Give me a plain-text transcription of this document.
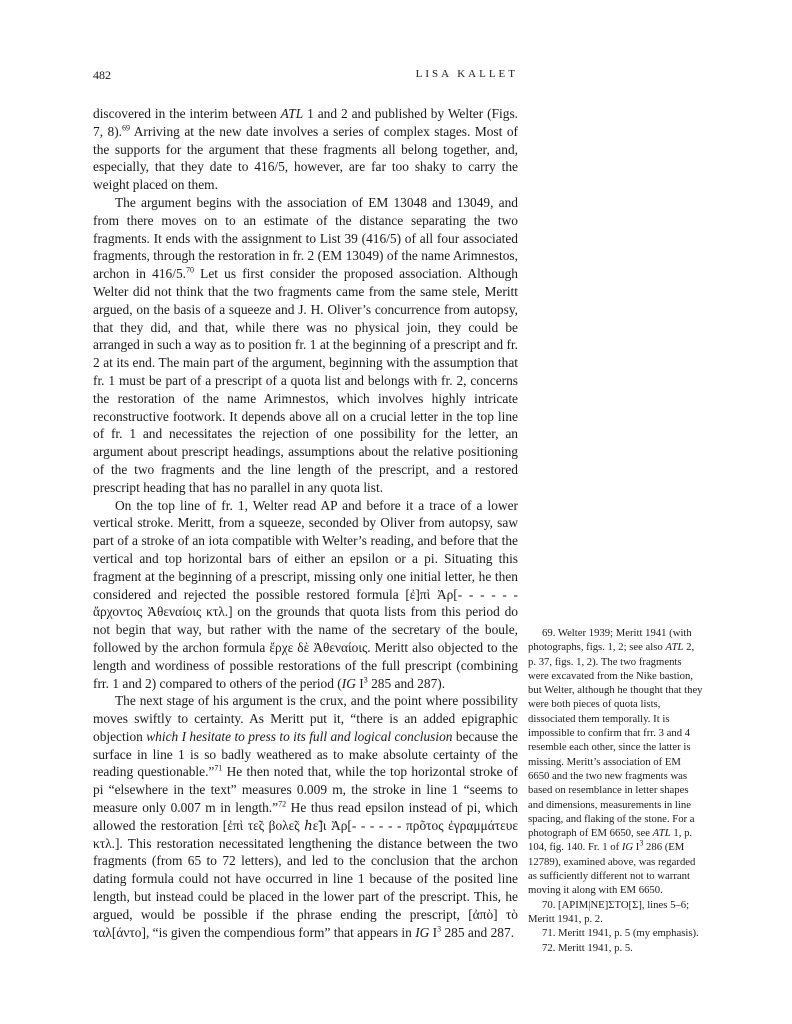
482	LISA KALLET

discovered in the interim between ATL 1 and 2 and published by Welter (Figs. 7, 8).$^{69}$ Arriving at the new date involves a series of complex stages. Most of the supports for the argument that these fragments all belong together, and, especially, that they date to 416/5, however, are far too shaky to carry the weight placed on them.

The argument begins with the association of EM 13048 and 13049, and from there moves on to an estimate of the distance separating the two fragments. It ends with the assignment to List 39 (416/5) of all four associated fragments, through the restoration in fr. 2 (EM 13049) of the name Arimnestos, archon in 416/5.70 Let us first consider the proposed association. Although Welter did not think that the two fragments came from the same stele, Meritt argued, on the basis of a squeeze and J. H. Oliver’s concurrence from autopsy, that they did, and that, while there was no physical join, they could be arranged in such a way as to position fr. 1 at the beginning of a prescript and fr. 2 at its end. The main part of the argument, beginning with the assumption that fr. 1 must be part of a prescript of a quota list and belongs with fr. 2, concerns the restoration of the name Arimnestos, which involves highly intricate reconstructive footwork. It depends above all on a crucial letter in the top line of fr. 1 and necessitates the rejection of one possibility for the letter, an argument about prescript headings, assumptions about the relative positioning of the two fragments and the line length of the prescript, and a restored prescript heading that has no parallel in any quota list.

On the top line of fr. 1, Welter read AP and before it a trace of a lower vertical stroke. Meritt, from a squeeze, seconded by Oliver from autopsy, saw part of a stroke of an iota compatible with Welter’s reading, and before that the vertical and top horizontal bars of either an epsilon or a pi. Situating this fragment at the beginning of a prescript, missing only one initial letter, he then considered and rejected the possible restored formula [ἐ]πὶ Ἀρ[- - - - - - ἄρχοντος Ἀθεναίοις κτλ.] on the grounds that quota lists from this period do not begin that way, but rather with the name of the secretary of the boule, followed by the archon formula ἔρχε δὲ Ἀθεναίοις. Meritt also objected to the length and wordiness of possible restorations of the full prescript (combining frr. 1 and 2) compared to others of the period (IG $I^3$ 285 and 287).

The next stage of his argument is the crux, and the point where possibility moves swiftly to certainty. As Meritt put it, “there is an added epigraphic objection which I hesitate to press to its full and logical conclusion because the surface in line 1 is so badly weathered as to make absolute certainty of the reading questionable.”$^{71}$ He then noted that, while the top horizontal stroke of pi “elsewhere in the text” measures 0.009 m, the stroke in line 1 “seems to measure only 0.007 m in length.”$^{72}$ He thus read epsilon instead of pi, which allowed the restoration [ἐπὶ τε̃ς βολε̃ς ℎε̃]ι Ἀρ[- - - - - - πρõτος ἐγραμμάτευε κτλ.]. This restoration necessitated lengthening the distance between the two fragments (from 65 to 72 letters), and led to the conclusion that the archon dating formula could not have occurred in line 1 because of the posited line length, but instead could be placed in the lower part of the prescript. This, he argued, would be possible if the phrase ending the prescript, [ἀπὸ] τὸ ταλ[άντο], “is given the compendious form” that appears in IG $I^3$ 285 and 287.

69. Welter 1939; Meritt 1941 (with photographs, figs. 1, 2; see also ATL 2, p. 37, figs. 1, 2). The two fragments were excavated from the Nike bastion, but Welter, although he thought that they were both pieces of quota lists, dissociated them temporally. It is impossible to confirm that frr. 3 and 4 resemble each other, since the latter is missing. Meritt’s association of EM 6650 and the two new fragments was based on resemblance in letter shapes and dimensions, measurements in line spacing, and flaking of the stone. For a photograph of EM 6650, see ATL 1, p. 104, fig. 140. Fr. 1 of IG $I^3$ 286 (EM 12789), examined above, was regarded as sufficiently different not to warrant moving it along with EM 6650.

70. [ΑΡΙΜ|ΝΕ]ΣΤΟ[Σ], lines 5–6; Meritt 1941, p. 2.

71. Meritt 1941, p. 5 (my emphasis).

72. Meritt 1941, p. 5.
